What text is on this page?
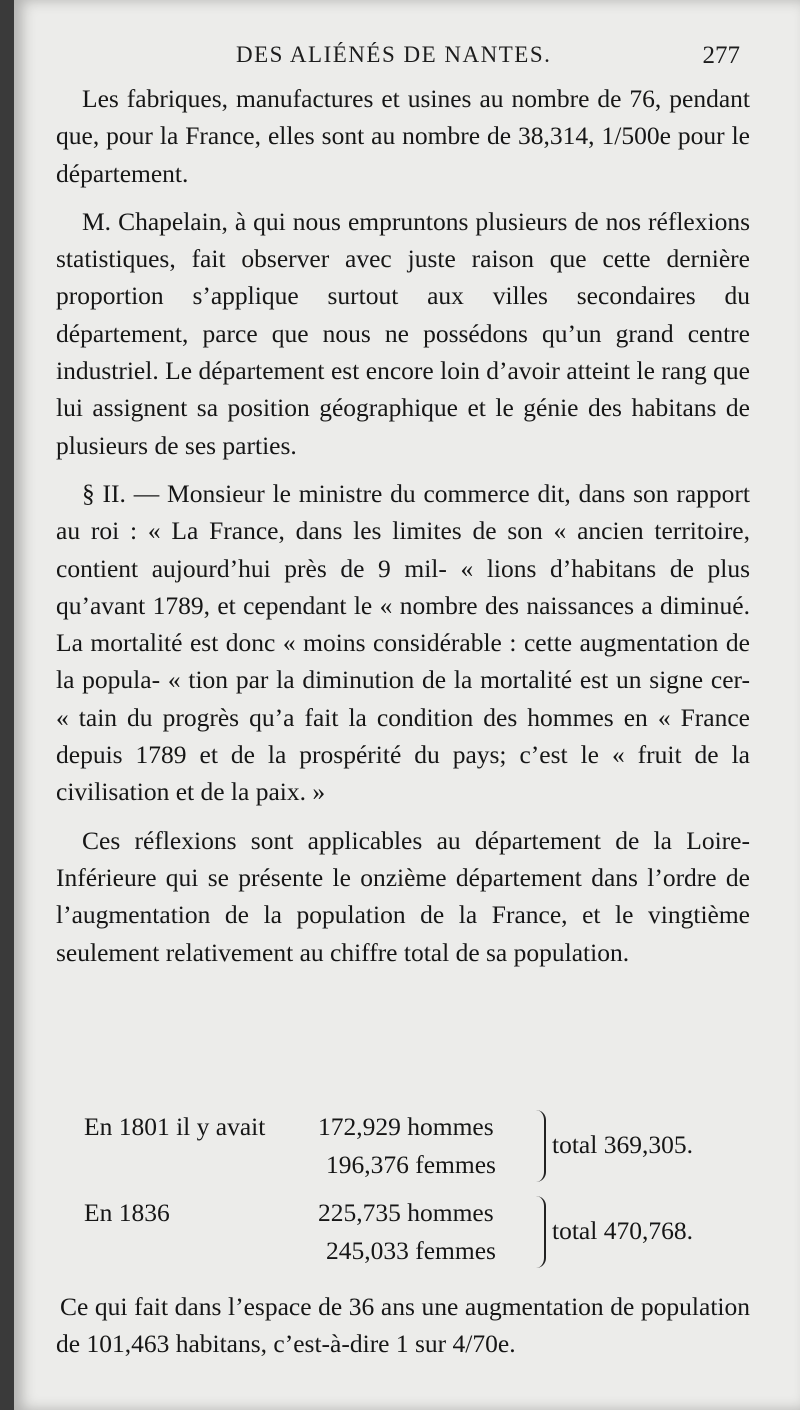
DES ALIÉNÉS DE NANTES.	277

Les fabriques, manufactures et usines au nombre de 76, pendant que, pour la France, elles sont au nombre de 38,314, 1/500e pour le département.

M. Chapelain, à qui nous empruntons plusieurs de nos réflexions statistiques, fait observer avec juste raison que cette dernière proportion s’applique surtout aux villes secondaires du département, parce que nous ne possédons qu’un grand centre industriel. Le département est encore loin d’avoir atteint le rang que lui assignent sa position géographique et le génie des habitans de plusieurs de ses parties.

§ II. — Monsieur le ministre du commerce dit, dans son rapport au roi : « La France, dans les limites de son « ancien territoire, contient aujourd’hui près de 9 mil- « lions d’habitans de plus qu’avant 1789, et cependant le « nombre des naissances a diminué. La mortalité est donc « moins considérable : cette augmentation de la popula- « tion par la diminution de la mortalité est un signe cer- « tain du progrès qu’a fait la condition des hommes en « France depuis 1789 et de la prospérité du pays; c’est le « fruit de la civilisation et de la paix. »

Ces réflexions sont applicables au département de la Loire-Inférieure qui se présente le onzième département dans l’ordre de l’augmentation de la population de la France, et le vingtième seulement relativement au chiffre total de sa population.

En 1801 il y avait 172,929 hommes
196,376 femmes
total 369,305.
En 1836	225,735 hommes
245,033 femmes
total 470,768.

Ce qui fait dans l’espace de 36 ans une augmentation de population de 101,463 habitans, c’est-à-dire 1 sur 4/70e.
